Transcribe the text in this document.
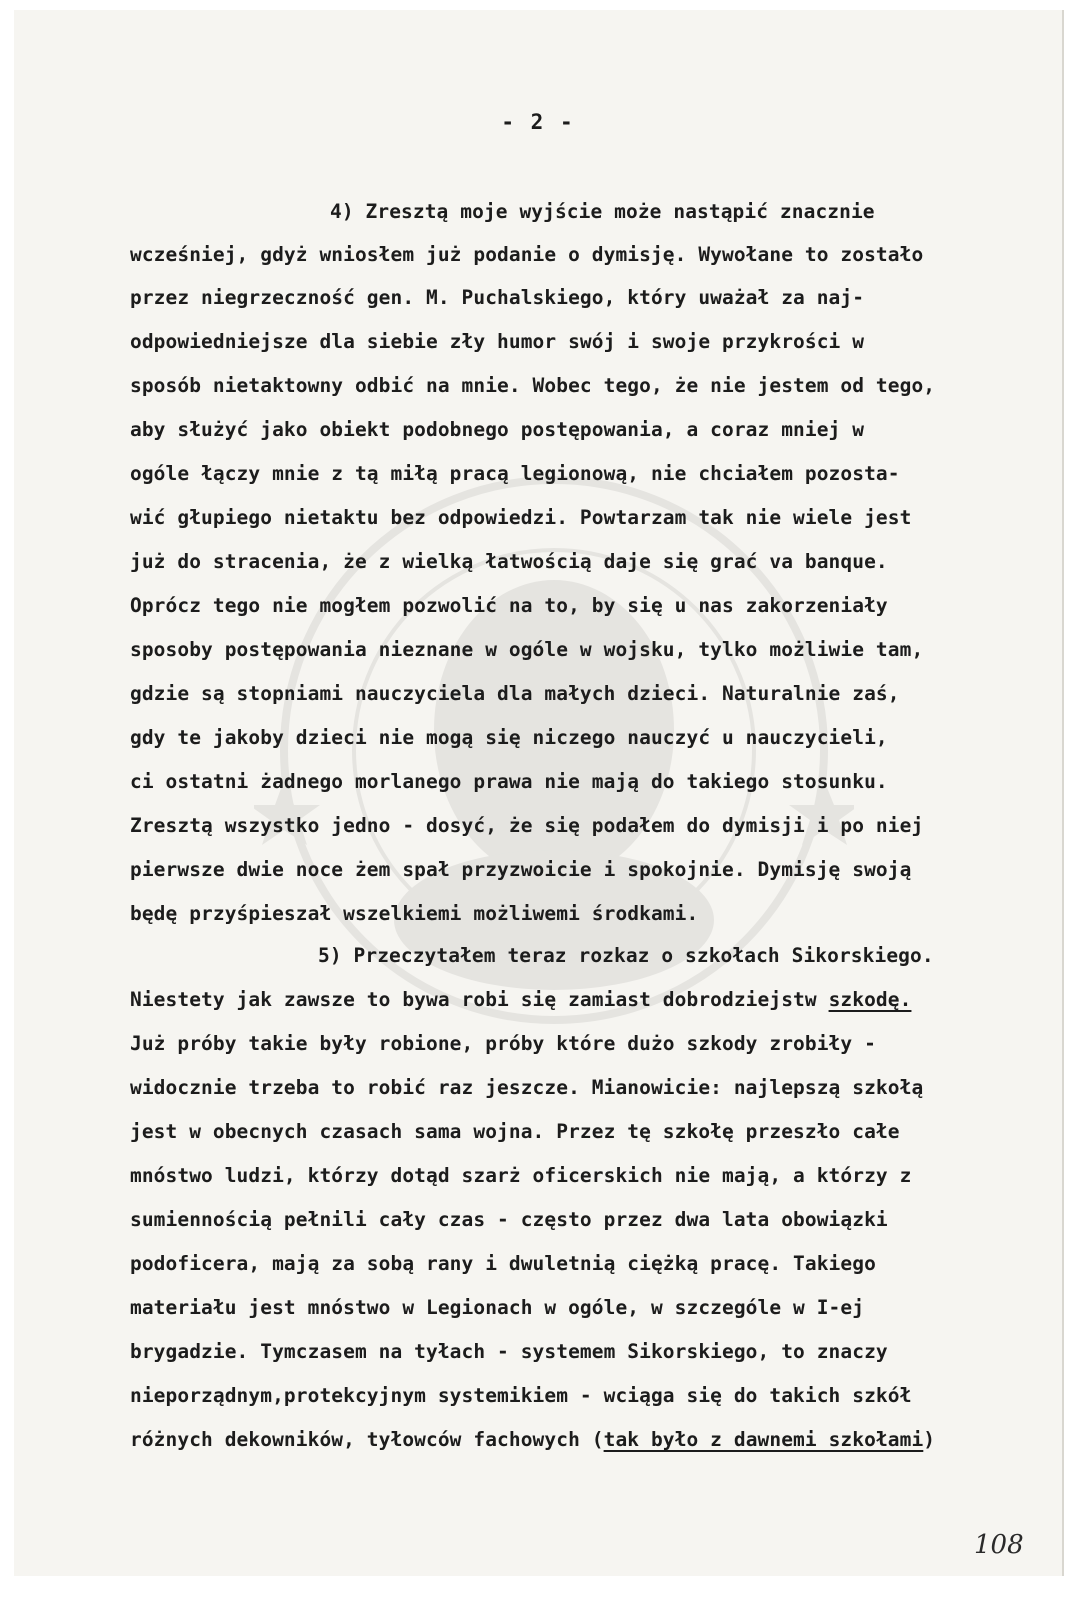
- 2 -
4) Zresztą moje wyjście może nastąpić znacznie
wcześniej, gdyż wniosłem już podanie o dymisję. Wywołane to zostało
przez niegrzeczność gen. M. Puchalskiego, który uważał za naj-
odpowiedniejsze dla siebie zły humor swój i swoje przykrości w
sposób nietaktowny odbić na mnie. Wobec tego, że nie jestem od tego,
aby służyć jako obiekt podobnego postępowania, a coraz mniej w
ogóle łączy mnie z tą miłą pracą legionową, nie chciałem pozosta-
wić głupiego nietaktu bez odpowiedzi. Powtarzam tak nie wiele jest
już do stracenia, że z wielką łatwością daje się grać va banque.
Oprócz tego nie mogłem pozwolić na to, by się u nas zakorzeniały
sposoby postępowania nieznane w ogóle w wojsku, tylko możliwie tam,
gdzie są stopniami nauczyciela dla małych dzieci. Naturalnie zaś,
gdy te jakoby dzieci nie mogą się niczego nauczyć u nauczycieli,
ci ostatni żadnego morlanego prawa nie mają do takiego stosunku.
Zresztą wszystko jedno - dosyć, że się podałem do dymisji i po niej
pierwsze dwie noce żem spał przyzwoicie i spokojnie. Dymisję swoją
będę przyśpieszał wszelkiemi możliwemi środkami.
5) Przeczytałem teraz rozkaz o szkołach Sikorskiego.
Niestety jak zawsze to bywa robi się zamiast dobrodziejstw szkodę.
Już próby takie były robione, próby które dużo szkody zrobiły -
widocznie trzeba to robić raz jeszcze. Mianowicie: najlepszą szkołą
jest w obecnych czasach sama wojna. Przez tę szkołę przeszło całe
mnóstwo ludzi, którzy dotąd szarż oficerskich nie mają, a którzy z
sumiennością pełnili cały czas - często przez dwa lata obowiązki
podoficera, mają za sobą rany i dwuletnią ciężką pracę. Takiego
materiału jest mnóstwo w Legionach w ogóle, w szczególe w I-ej
brygadzie. Tymczasem na tyłach - systemem Sikorskiego, to znaczy
nieporządnym,protekcyjnym systemikiem - wciąga się do takich szkół
różnych dekowników, tyłowców fachowych (tak było z dawnemi szkołami)
108
